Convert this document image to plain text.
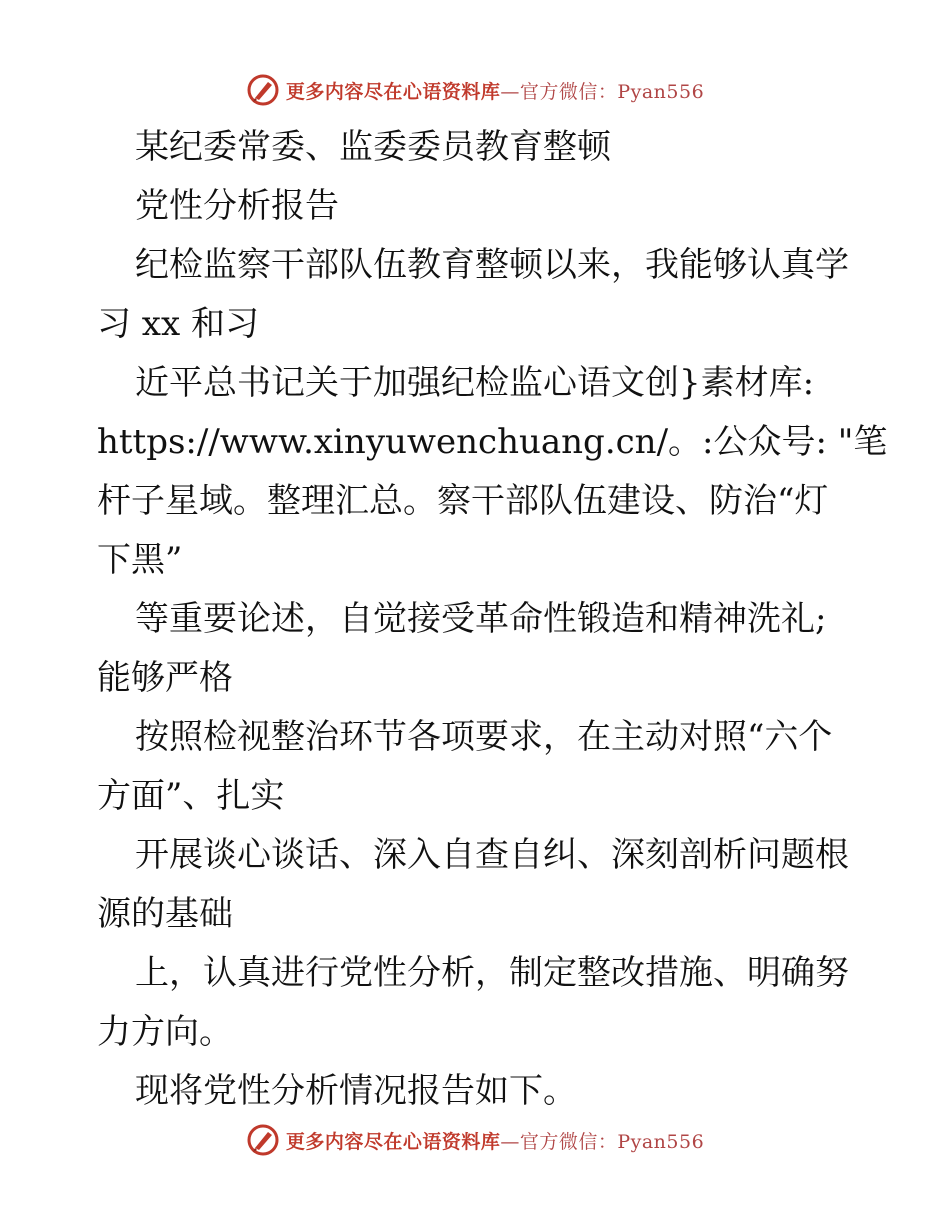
更多内容尽在心语资料库—官方微信：Pyan556
某纪委常委、监委委员教育整顿
党性分析报告
纪检监察干部队伍教育整顿以来，我能够认真学
习 xx 和习
近平总书记关于加强纪检监心语文创}素材库:
https://www.xinyuwenchuang.cn/。:公众号: "笔
杆子星域。整理汇总。察干部队伍建设、防治“灯
下黑”
等重要论述，自觉接受革命性锻造和精神洗礼;
能够严格
按照检视整治环节各项要求，在主动对照“六个
方面”、扎实
开展谈心谈话、深入自查自纠、深刻剖析问题根
源的基础
上，认真进行党性分析，制定整改措施、明确努
力方向。
现将党性分析情况报告如下。
更多内容尽在心语资料库—官方微信：Pyan556
